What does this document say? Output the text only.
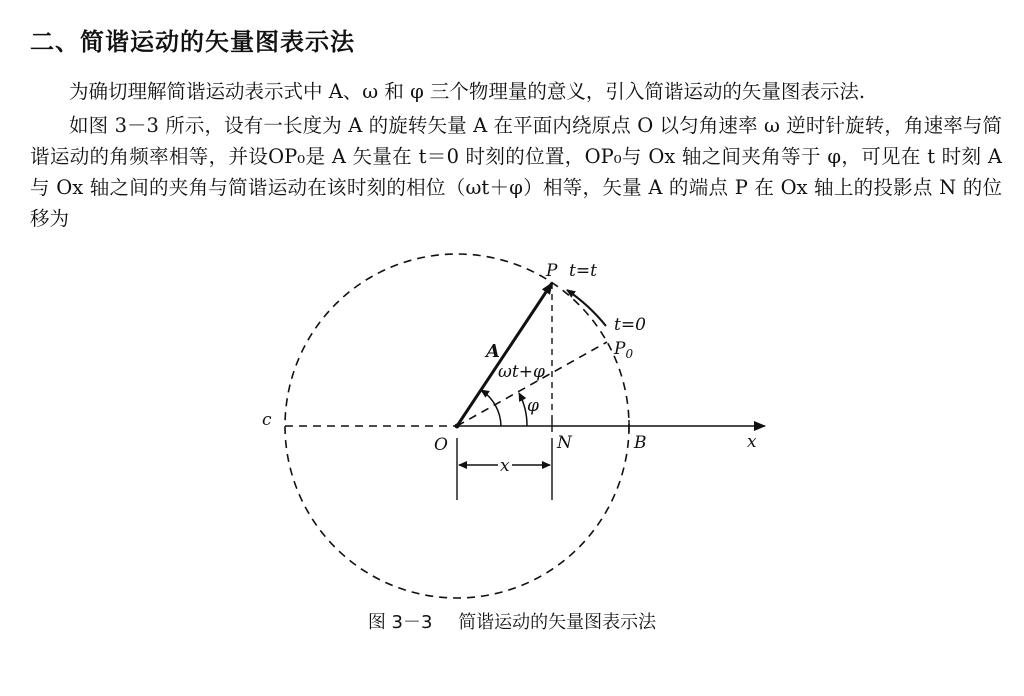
二、简谐运动的矢量图表示法

为确切理解简谐运动表示式中 A、ω 和 φ 三个物理量的意义，引入简谐运动的矢量图表示法.

如图 3－3 所示，设有一长度为 A 的旋转矢量 A 在平面内绕原点 O 以匀角速率 ω 逆时针旋转，角速率与简谐运动的角频率相等，并设OP₀是 A 矢量在 t＝0 时刻的位置，OP₀与 Ox 轴之间夹角等于 φ，可见在 t 时刻 A 与 Ox 轴之间的夹角与简谐运动在该时刻的相位（ωt＋φ）相等，矢量 A 的端点 P 在 Ox 轴上的投影点 N 的位移为

P t=t
t=0
$P_0$
A
ωt+φ
φ
c
O	N	B	x
x
图 3－3 简谐运动的矢量图表示法
